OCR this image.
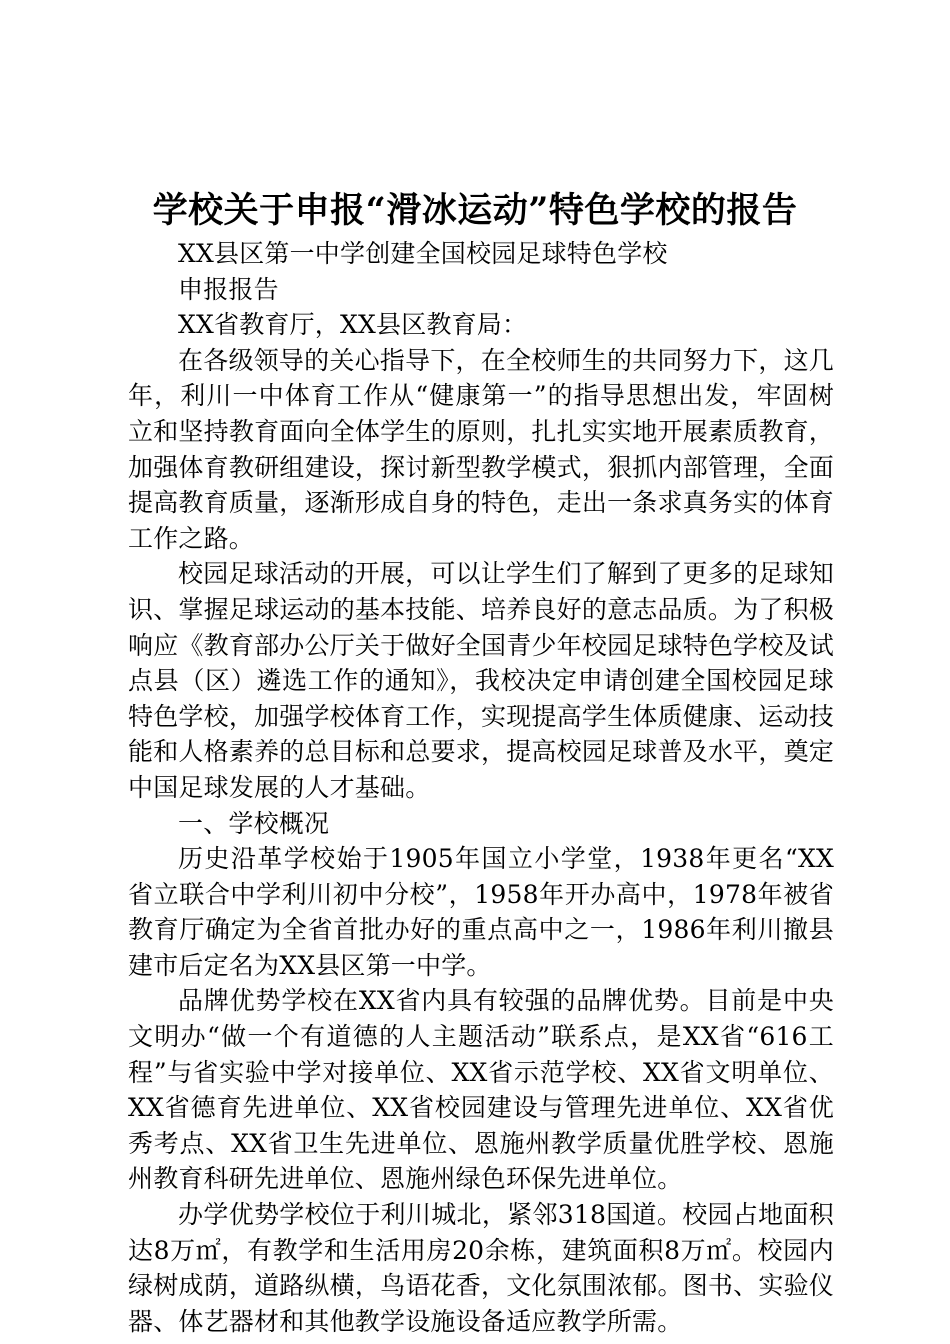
学校关于申报“滑冰运动”特色学校的报告

XX县区第一中学创建全国校园足球特色学校

申报报告

XX省教育厅，XX县区教育局：

在各级领导的关心指导下，在全校师生的共同努力下，这几年，利川一中体育工作从“健康第一”的指导思想出发，牢固树立和坚持教育面向全体学生的原则，扎扎实实地开展素质教育，加强体育教研组建设，探讨新型教学模式，狠抓内部管理，全面提高教育质量，逐渐形成自身的特色，走出一条求真务实的体育工作之路。

校园足球活动的开展，可以让学生们了解到了更多的足球知识、掌握足球运动的基本技能、培养良好的意志品质。为了积极响应《教育部办公厅关于做好全国青少年校园足球特色学校及试点县（区）遴选工作的通知》，我校决定申请创建全国校园足球特色学校，加强学校体育工作，实现提高学生体质健康、运动技能和人格素养的总目标和总要求，提高校园足球普及水平，奠定中国足球发展的人才基础。

一、学校概况

历史沿革学校始于1905年国立小学堂，1938年更名“XX省立联合中学利川初中分校”，1958年开办高中，1978年被省教育厅确定为全省首批办好的重点高中之一，1986年利川撤县建市后定名为XX县区第一中学。

品牌优势学校在XX省内具有较强的品牌优势。目前是中央文明办“做一个有道德的人主题活动”联系点，是XX省“616工程”与省实验中学对接单位、XX省示范学校、XX省文明单位、XX省德育先进单位、XX省校园建设与管理先进单位、XX省优秀考点、XX省卫生先进单位、恩施州教学质量优胜学校、恩施州教育科研先进单位、恩施州绿色环保先进单位。

办学优势学校位于利川城北，紧邻318国道。校园占地面积达8万㎡，有教学和生活用房20余栋，建筑面积8万㎡。校园内绿树成荫，道路纵横，鸟语花香，文化氛围浓郁。图书、实验仪器、体艺器材和其他教学设施设备适应教学所需。
